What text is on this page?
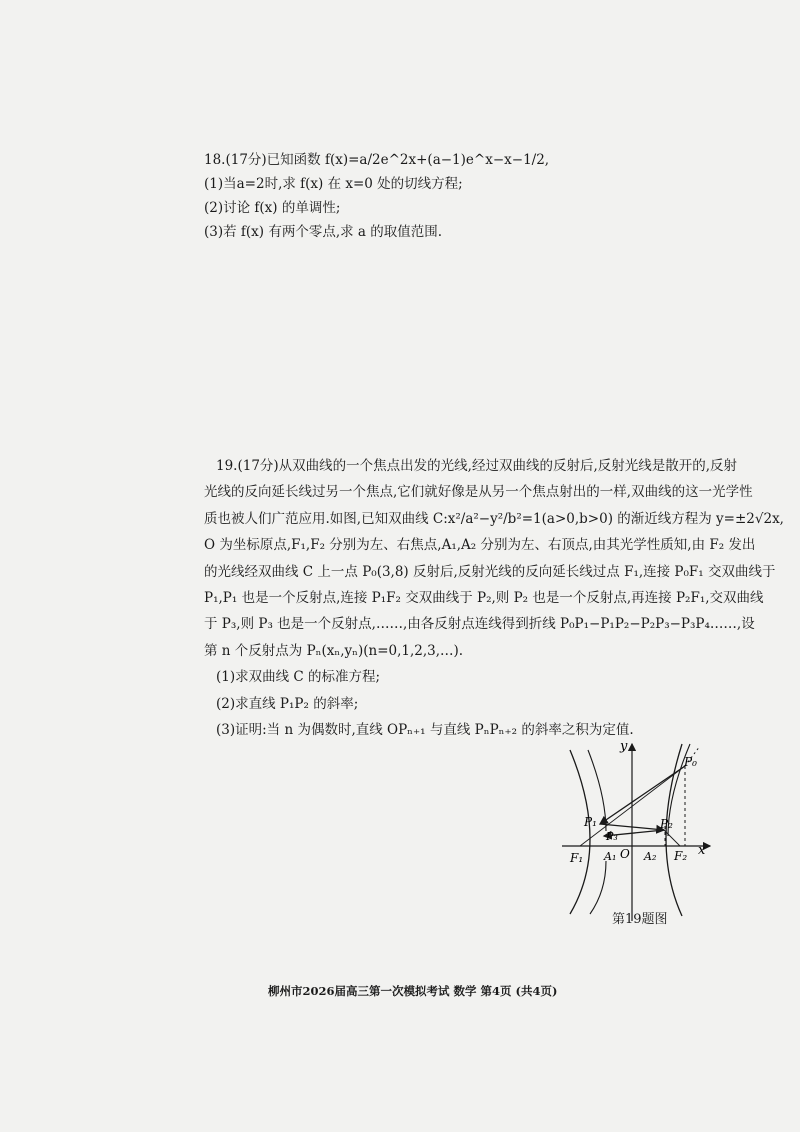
18.(17分)已知函数 f(x)=a/2e^2x+(a−1)e^x−x−1/2,
(1)当a=2时,求 f(x) 在 x=0 处的切线方程;
(2)讨论 f(x) 的单调性;
(3)若 f(x) 有两个零点,求 a 的取值范围.
19.(17分)从双曲线的一个焦点出发的光线,经过双曲线的反射后,反射光线是散开的,反射
光线的反向延长线过另一个焦点,它们就好像是从另一个焦点射出的一样,双曲线的这一光学性
质也被人们广范应用.如图,已知双曲线 C:x²/a²−y²/b²=1(a>0,b>0) 的渐近线方程为 y=±2√2x,
O 为坐标原点,F₁,F₂ 分别为左、右焦点,A₁,A₂ 分别为左、右顶点,由其光学性质知,由 F₂ 发出
的光线经双曲线 C 上一点 P₀(3,8) 反射后,反射光线的反向延长线过点 F₁,连接 P₀F₁ 交双曲线于
P₁,P₁ 也是一个反射点,连接 P₁F₂ 交双曲线于 P₂,则 P₂ 也是一个反射点,再连接 P₂F₁,交双曲线
于 P₃,则 P₃ 也是一个反射点,……,由各反射点连线得到折线 P₀P₁−P₁P₂−P₂P₃−P₃P₄……,设
第 n 个反射点为 Pₙ(xₙ,yₙ)(n=0,1,2,3,…).
(1)求双曲线 C 的标准方程;
(2)求直线 P₁P₂ 的斜率;
(3)证明:当 n 为偶数时,直线 OPₙ₊₁ 与直线 PₙPₙ₊₂ 的斜率之积为定值.
y
x
O
P₀
P₁	P₂
P₃
F₁	F₂
A₁	A₂
第19题图
柳州市2026届高三第一次模拟考试 数学 第4页 (共4页)
